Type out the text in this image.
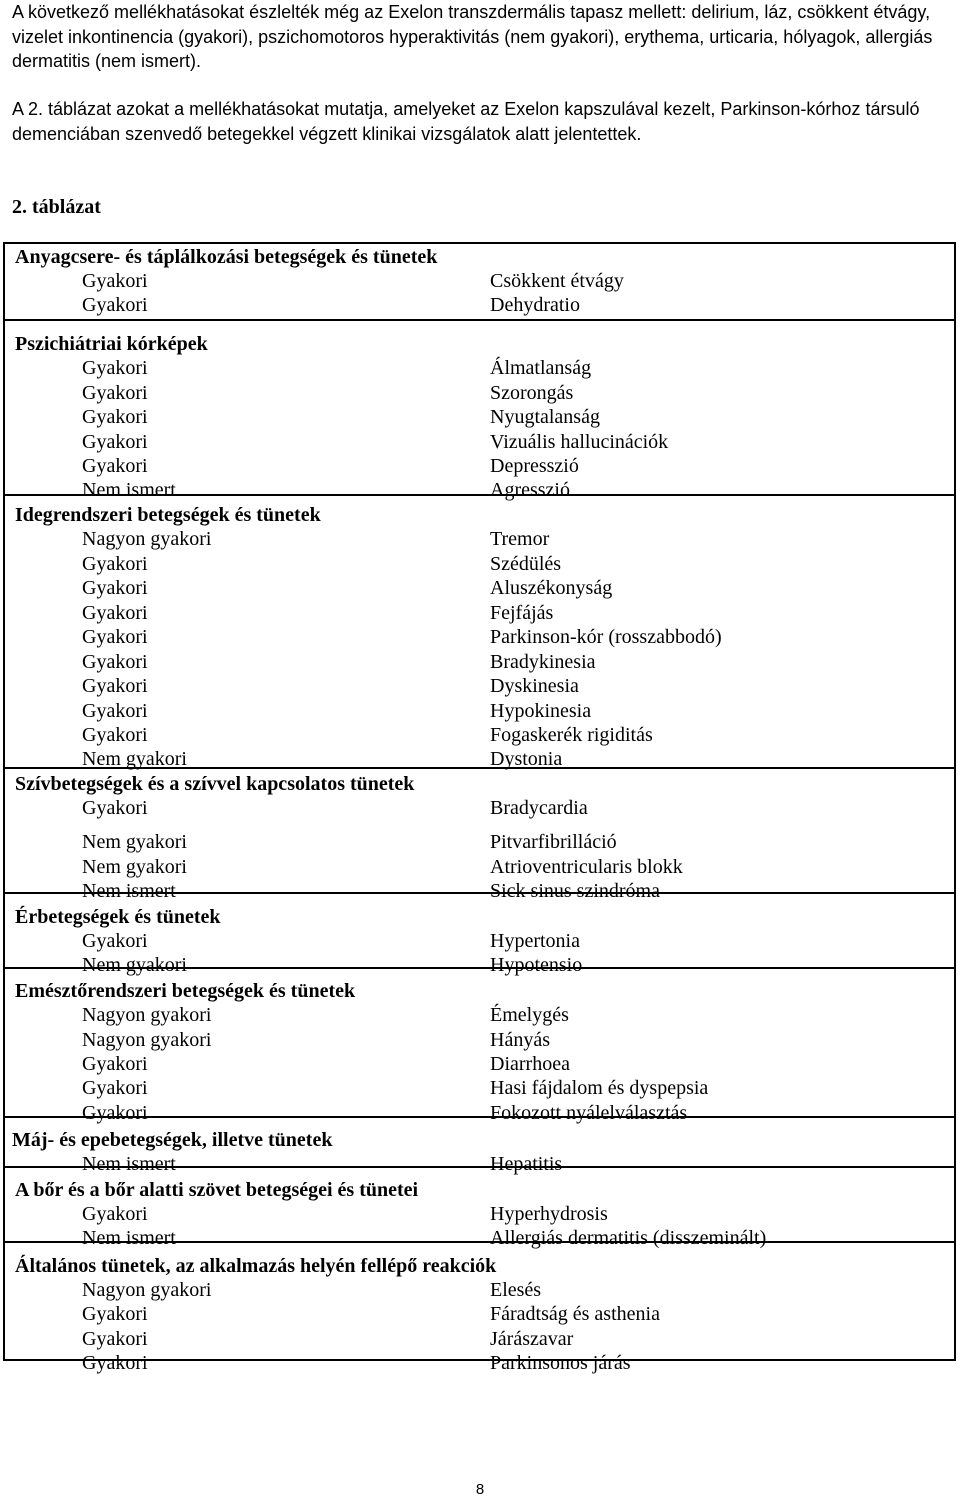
A következő mellékhatásokat észlelték még az Exelon transzdermális tapasz mellett: delirium, láz, csökkent étvágy, vizelet inkontinencia (gyakori), pszichomotoros hyperaktivitás (nem gyakori), erythema, urticaria, hólyagok, allergiás dermatitis (nem ismert).

A 2. táblázat azokat a mellékhatásokat mutatja, amelyeket az Exelon kapszulával kezelt, Parkinson-kórhoz társuló demenciában szenvedő betegekkel végzett klinikai vizsgálatok alatt jelentettek.

2. táblázat
Anyagcsere- és táplálkozási betegségek és tünetek
Gyakori	Csökkent étvágy
Gyakori	Dehydratio
Pszichiátriai kórképek
Gyakori	Álmatlanság
Gyakori	Szorongás
Gyakori	Nyugtalanság
Gyakori	Vizuális hallucinációk
Gyakori	Depresszió
Nem ismert	Agresszió
Idegrendszeri betegségek és tünetek
Nagyon gyakori	Tremor
Gyakori	Szédülés
Gyakori	Aluszékonyság
Gyakori	Fejfájás
Gyakori	Parkinson-kór (rosszabbodó)
Gyakori	Bradykinesia
Gyakori	Dyskinesia
Gyakori	Hypokinesia
Gyakori	Fogaskerék rigiditás
Nem gyakori	Dystonia
Szívbetegségek és a szívvel kapcsolatos tünetek
Gyakori	Bradycardia
Nem gyakori	Pitvarfibrilláció
Nem gyakori	Atrioventricularis blokk
Nem ismert	Sick sinus szindróma
Érbetegségek és tünetek
Gyakori	Hypertonia
Nem gyakori	Hypotensio
Emésztőrendszeri betegségek és tünetek
Nagyon gyakori	Émelygés
Nagyon gyakori	Hányás
Gyakori	Diarrhoea
Gyakori	Hasi fájdalom és dyspepsia
Gyakori	Fokozott nyálelválasztás
Máj- és epebetegségek, illetve tünetek
Nem ismert	Hepatitis
A bőr és a bőr alatti szövet betegségei és tünetei
Gyakori	Hyperhydrosis
Nem ismert	Allergiás dermatitis (disszeminált)
Általános tünetek, az alkalmazás helyén fellépő reakciók
Nagyon gyakori	Elesés
Gyakori	Fáradtság és asthenia
Gyakori	Járászavar
Gyakori	Parkinsonos járás
8
